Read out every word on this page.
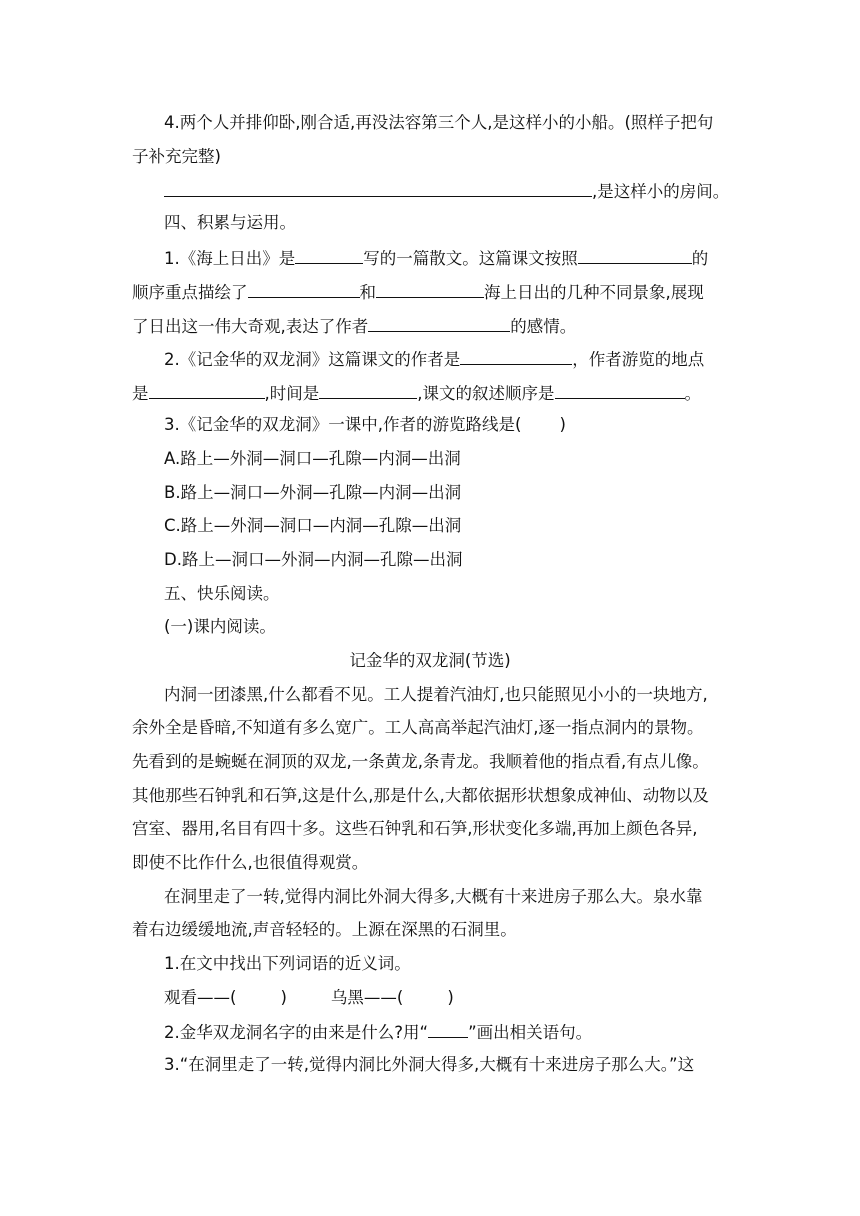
4.两个人并排仰卧,刚合适,再没法容第三个人,是这样小的小船。(照样子把句
子补充完整)
,是这样小的房间。
四、积累与运用。
1.《海上日出》是	写的一篇散文。这篇课文按照	的
顺序重点描绘了	和	海上日出的几种不同景象,展现
了日出这一伟大奇观,表达了作者	的感情。
2.《记金华的双龙洞》这篇课文的作者是	，作者游览的地点
是	,时间是	,课文的叙述顺序是	。
3.《记金华的双龙洞》一课中,作者的游览路线是( )
A.路上—外洞—洞口—孔隙—内洞—出洞
B.路上—洞口—外洞—孔隙—内洞—出洞
C.路上—外洞—洞口—内洞—孔隙—出洞
D.路上—洞口—外洞—内洞—孔隙—出洞
五、快乐阅读。
(一)课内阅读。
记金华的双龙洞(节选)
内洞一团漆黑,什么都看不见。工人提着汽油灯,也只能照见小小的一块地方,
余外全是昏暗,不知道有多么宽广。工人高高举起汽油灯,逐一指点洞内的景物。
先看到的是蜿蜒在洞顶的双龙,一条黄龙,条青龙。我顺着他的指点看,有点儿像。
其他那些石钟乳和石笋,这是什么,那是什么,大都依据形状想象成神仙、动物以及
宫室、器用,名目有四十多。这些石钟乳和石笋,形状变化多端,再加上颜色各异,
即使不比作什么,也很值得观赏。
在洞里走了一转,觉得内洞比外洞大得多,大概有十来进房子那么大。泉水靠
着右边缓缓地流,声音轻轻的。上源在深黑的石洞里。
1.在文中找出下列词语的近义词。
观看——(	)	乌黑——(	)
2.金华双龙洞名字的由来是什么?用“ ”画出相关语句。
3.“在洞里走了一转,觉得内洞比外洞大得多,大概有十来进房子那么大。”这
